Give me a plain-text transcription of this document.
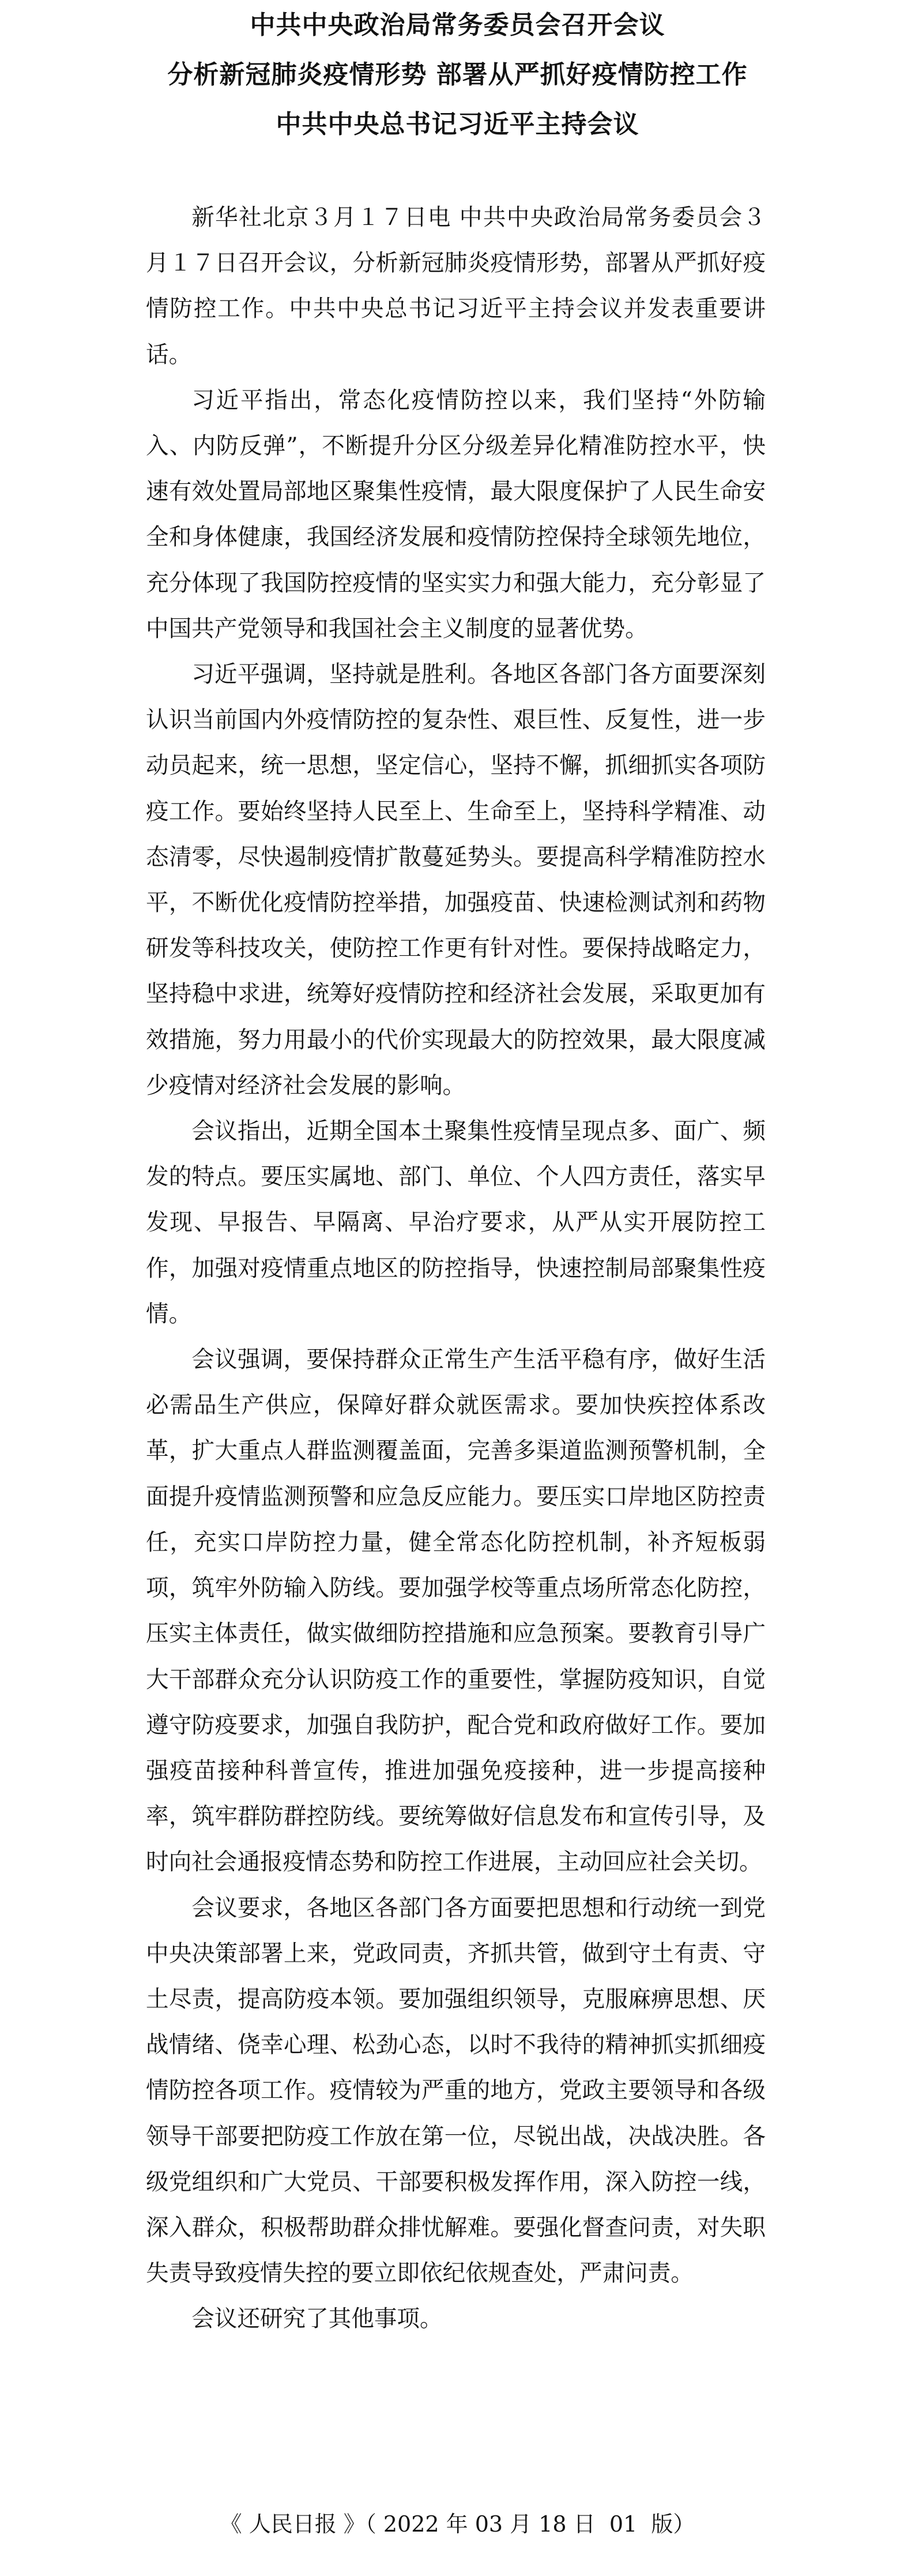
中共中央政治局常务委员会召开会议
分析新冠肺炎疫情形势 部署从严抓好疫情防控工作
中共中央总书记习近平主持会议

新华社北京３月１７日电 中共中央政治局常务委员会３月１７日召开会议，分析新冠肺炎疫情形势，部署从严抓好疫情防控工作。中共中央总书记习近平主持会议并发表重要讲话。

习近平指出，常态化疫情防控以来，我们坚持“外防输入、内防反弹”，不断提升分区分级差异化精准防控水平，快速有效处置局部地区聚集性疫情，最大限度保护了人民生命安全和身体健康，我国经济发展和疫情防控保持全球领先地位，充分体现了我国防控疫情的坚实实力和强大能力，充分彰显了中国共产党领导和我国社会主义制度的显著优势。

习近平强调，坚持就是胜利。各地区各部门各方面要深刻认识当前国内外疫情防控的复杂性、艰巨性、反复性，进一步动员起来，统一思想，坚定信心，坚持不懈，抓细抓实各项防疫工作。要始终坚持人民至上、生命至上，坚持科学精准、动态清零，尽快遏制疫情扩散蔓延势头。要提高科学精准防控水平，不断优化疫情防控举措，加强疫苗、快速检测试剂和药物研发等科技攻关，使防控工作更有针对性。要保持战略定力，坚持稳中求进，统筹好疫情防控和经济社会发展，采取更加有效措施，努力用最小的代价实现最大的防控效果，最大限度减少疫情对经济社会发展的影响。

会议指出，近期全国本土聚集性疫情呈现点多、面广、频发的特点。要压实属地、部门、单位、个人四方责任，落实早发现、早报告、早隔离、早治疗要求，从严从实开展防控工作，加强对疫情重点地区的防控指导，快速控制局部聚集性疫情。

会议强调，要保持群众正常生产生活平稳有序，做好生活必需品生产供应，保障好群众就医需求。要加快疾控体系改革，扩大重点人群监测覆盖面，完善多渠道监测预警机制，全面提升疫情监测预警和应急反应能力。要压实口岸地区防控责任，充实口岸防控力量，健全常态化防控机制，补齐短板弱项，筑牢外防输入防线。要加强学校等重点场所常态化防控，压实主体责任，做实做细防控措施和应急预案。要教育引导广大干部群众充分认识防疫工作的重要性，掌握防疫知识，自觉遵守防疫要求，加强自我防护，配合党和政府做好工作。要加强疫苗接种科普宣传，推进加强免疫接种，进一步提高接种率，筑牢群防群控防线。要统筹做好信息发布和宣传引导，及时向社会通报疫情态势和防控工作进展，主动回应社会关切。

会议要求，各地区各部门各方面要把思想和行动统一到党中央决策部署上来，党政同责，齐抓共管，做到守土有责、守土尽责，提高防疫本领。要加强组织领导，克服麻痹思想、厌战情绪、侥幸心理、松劲心态，以时不我待的精神抓实抓细疫情防控各项工作。疫情较为严重的地方，党政主要领导和各级领导干部要把防疫工作放在第一位，尽锐出战，决战决胜。各级党组织和广大党员、干部要积极发挥作用，深入防控一线，深入群众，积极帮助群众排忧解难。要强化督查问责，对失职失责导致疫情失控的要立即依纪依规查处，严肃问责。

会议还研究了其他事项。

《 人民日报 》（ 2022 年 03 月 18 日  01  版）
